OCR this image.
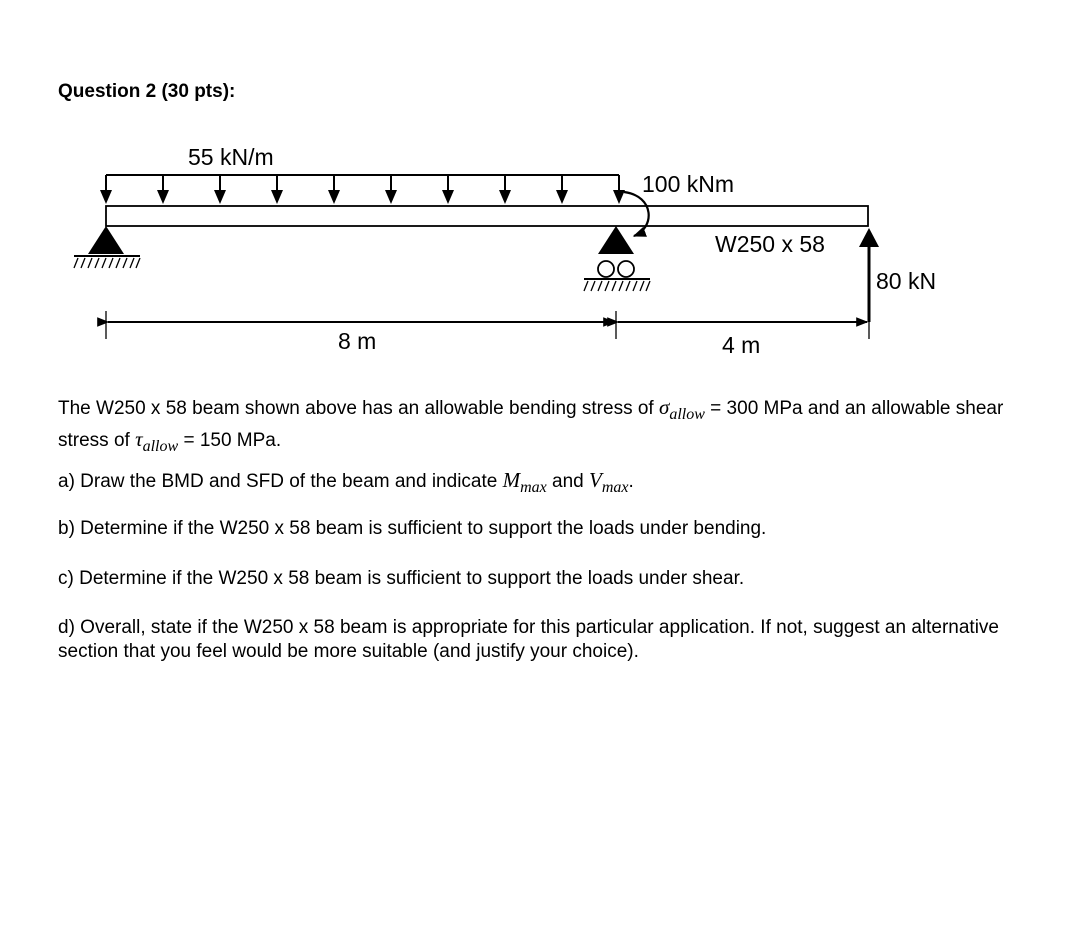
Question 2 (30 pts):
55 kN/m
100 kNm
W250 x 58
80 kN
8 m	4 m
The W250 x 58 beam shown above has an allowable bending stress of $\sigma_{allow} = 300$ MPa and an allowable shear stress of $\tau_{allow} = 150$ MPa.
a) Draw the BMD and SFD of the beam and indicate $M_{max}$ and $V_{max}$.
b) Determine if the W250 x 58 beam is sufficient to support the loads under bending.
c) Determine if the W250 x 58 beam is sufficient to support the loads under shear.
d) Overall, state if the W250 x 58 beam is appropriate for this particular application. If not, suggest an alternative section that you feel would be more suitable (and justify your choice).
